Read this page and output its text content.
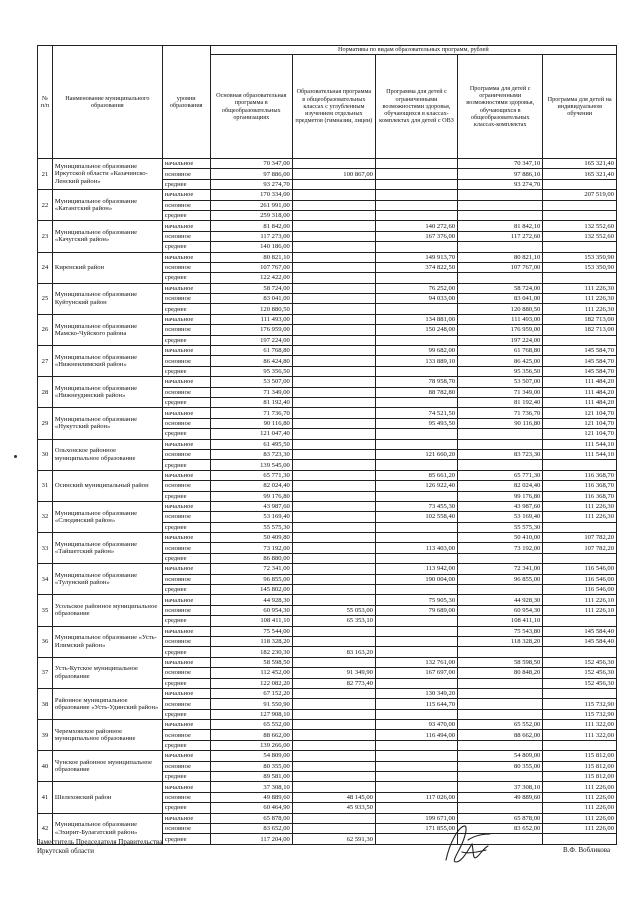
№ п/п	Наименование муниципального образования	уровни образования	Нормативы по видам образовательных программ, рублей				
			Основная образовательная программа в общеобразовательных организациях	Образовательная программа в общеобразовательных классах с углубленным изучением отдельных предметов (гимназии, лицеи)	Программа для детей с ограниченными возможностями здоровья, обучающихся в классах-комплектах для детей с ОВЗ	Программа для детей с ограниченными возможностями здоровья, обучающихся в общеобразовательных классах-комплектах	Программа для детей на индивидуальном обучении
21	Муниципальное образование Иркутской области «Казачинско-Ленский район»	начальное	70 347,00			70 347,10	165 321,40
		основное	97 886,00	100 867,00		97 886,10	165 321,40
		среднее	93 274,70			93 274,70	
22	Муниципальное образование «Катангский район»	начальное	170 334,00				207 519,00
		основное	261 991,00				
		среднее	259 318,00				
23	Муниципальное образование «Качугский район»	начальное	81 842,00		140 272,60	81 842,10	132 552,60
		основное	117 273,00		167 376,00	117 272,60	132 552,60
		среднее	140 186,00				
24	Киренский район	начальное	80 821,10		149 913,70	80 821,10	153 350,90
		основное	107 767,00		374 822,50	107 767,00	153 350,90
		среднее	122 422,00				
25	Муниципальное образование Куйтунский район	начальное	58 724,00		76 252,00	58 724,00	111 226,30
		основное	83 041,00		94 033,00	83 041,00	111 226,30
		среднее	120 880,50			120 880,50	111 226,30
26	Муниципальное образование Мамско-Чуйского района	начальное	111 493,00		134 881,00	111 493,00	182 713,00
		основное	176 959,00		150 248,00	176 959,00	182 713,00
		среднее	197 224,00			197 224,00	
27	Муниципальное образование «Нижнеилимский район»	начальное	61 768,80		99 682,00	61 768,80	145 584,70
		основное	86 424,80		133 889,10	86 425,00	145 584,70
		среднее	95 356,50			95 356,50	145 584,70
28	Муниципальное образование «Нижнеудинский район»	начальное	53 507,00		78 958,70	53 507,00	111 484,20
		основное	71 349,00		88 782,80	71 349,00	111 484,20
		среднее	81 192,40			81 192,40	111 484,20
29	Муниципальное образование «Нукутский район»	начальное	71 736,70		74 521,50	71 736,70	121 104,70
		основное	90 116,80		95 493,50	90 116,80	121 104,70
		среднее	121 047,40				121 104,70
30	Ольхонское районное муниципальное образование	начальное	61 495,50				111 544,10
		основное	83 723,30		121 660,20	83 723,30	111 544,10
		среднее	139 545,00				
31	Осинский муниципальный район	начальное	65 771,30		85 661,20	65 771,30	116 368,70
		основное	82 024,40		126 922,40	82 024,40	116 368,70
		среднее	99 176,80			99 176,80	116 368,70
32	Муниципальное образование «Слюдянский район»	начальное	43 987,60		73 455,30	43 987,60	111 226,30
		основное	53 169,40		102 558,40	53 169,40	111 226,30
		среднее	55 575,30			55 575,30	
33	Муниципальное образование «Тайшетский район»	начальное	50 409,80			50 410,00	107 782,20
		основное	73 192,00		113 403,00	73 192,00	107 782,20
		среднее	86 880,00				
34	Муниципальное образование «Тулунский район»	начальное	72 341,00		113 942,00	72 341,00	116 546,00
		основное	96 855,00		190 004,00	96 855,00	116 546,00
		среднее	145 802,00				116 546,00
35	Усольское районное муниципальное образование	начальное	44 928,30		75 905,30	44 928,30	111 226,10
		основное	60 954,30	55 053,00	79 689,00	60 954,30	111 226,10
		среднее	108 411,10	65 353,10		108 411,10	
36	Муниципальное образование «Усть-Илимский район»	начальное	75 544,00			75 543,80	145 584,40
		основное	118 328,20			118 328,20	145 584,40
		среднее	182 230,30	83 163,20			
37	Усть-Кутское муниципальное образование	начальное	58 598,50		132 761,00	58 598,50	152 456,30
		основное	112 452,00	91 349,90	167 697,00	80 848,20	152 456,30
		среднее	122 082,20	82 773,40			152 456,30
38	Районное муниципальное образование «Усть-Удинский район»	начальное	67 152,20		130 349,20		
		основное	91 550,90		115 644,70		115 732,90
		среднее	127 908,10				115 732,90
39	Черемховское районное муниципальное образование	начальное	65 552,00		93 470,00	65 552,00	111 322,00
		основное	88 662,00		116 494,00	88 662,00	111 322,00
		среднее	139 266,00				
40	Чунское районное муниципальное образование	начальное	54 809,00			54 809,00	115 812,00
		основное	80 355,00			80 355,00	115 812,00
		среднее	89 581,00				115 812,00
41	Шелеховский район	начальное	37 308,10			37 308,10	111 226,00
		основное	49 889,60	48 145,00	117 026,00	49 889,60	111 226,00
		среднее	60 464,90	45 933,50			111 226,00
42	Муниципальное образование «Эхирит-Булагатский район»	начальное	65 878,00		199 671,00	65 878,00	111 226,00
		основное	83 652,00		171 855,00	83 652,00	111 226,00
		среднее	117 204,00	62 591,30			
Заместитель Председателя Правительства
Иркутской области	В.Ф. Вобликова
